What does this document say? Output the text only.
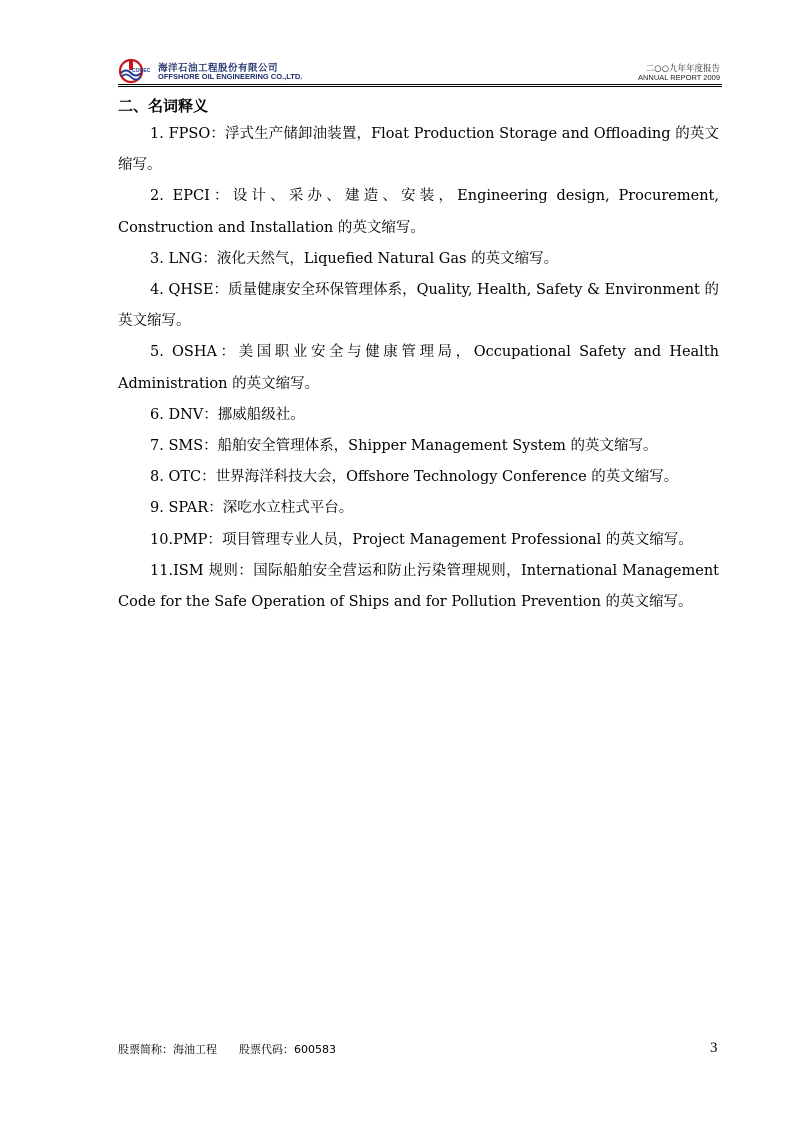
COOEC 海洋石油工程股份有限公司
OFFSHORE OIL ENGINEERING CO.,LTD.
二○○九年年度报告
ANNUAL REPORT 2009
二、名词释义

1. FPSO：浮式生产储卸油装置，Float Production Storage and Offloading 的英文缩写。

2. EPCI：设计、采办、建造、安装，Engineering design, Procurement, Construction and Installation 的英文缩写。

3. LNG：液化天然气，Liquefied Natural Gas 的英文缩写。

4. QHSE：质量健康安全环保管理体系，Quality, Health, Safety & Environment 的英文缩写。

5. OSHA：美国职业安全与健康管理局，Occupational Safety and Health Administration 的英文缩写。

6. DNV：挪威船级社。

7. SMS：船舶安全管理体系，Shipper Management System 的英文缩写。

8. OTC：世界海洋科技大会，Offshore Technology Conference 的英文缩写。

9. SPAR：深吃水立柱式平台。

10.PMP：项目管理专业人员，Project Management Professional 的英文缩写。

11.ISM 规则：国际船舶安全营运和防止污染管理规则，International Management Code for the Safe Operation of Ships and for Pollution Prevention 的英文缩写。

股票简称：海油工程 股票代码：600583	3
